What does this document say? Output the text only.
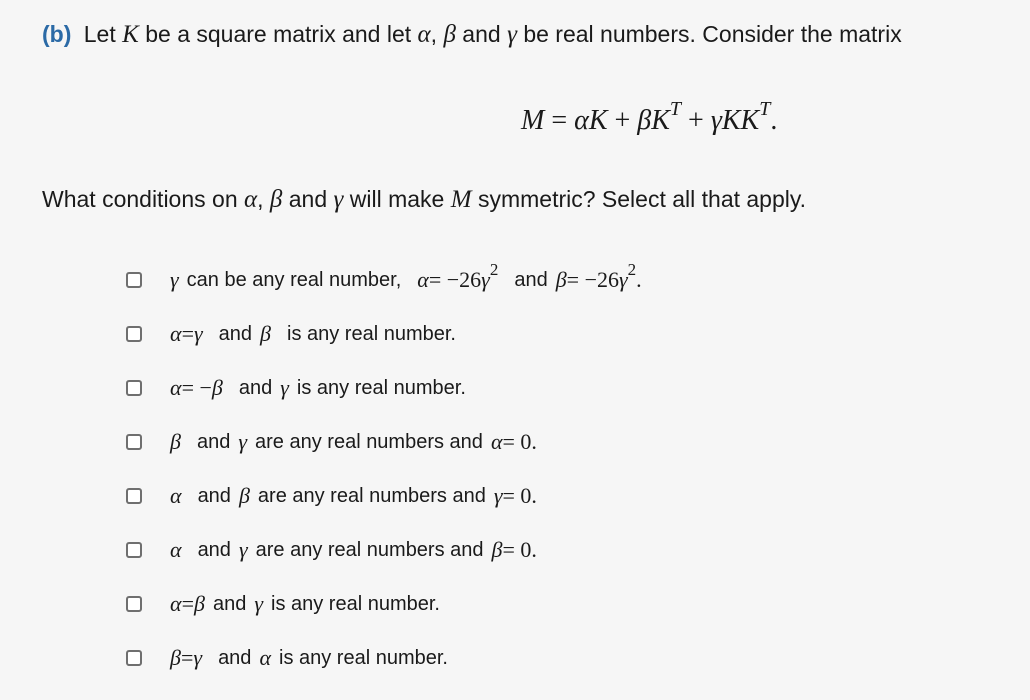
(b) Let K be a square matrix and let α, β and γ be real numbers. Consider the matrix
$M = \alpha K + \beta K^T + \gamma KK^T$.
What conditions on α, β and γ will make M symmetric? Select all that apply.
γ can be any real number, α = −26 γ 2 and β = −26 γ 2 .
α = γ and β is any real number.
α = − β and γ is any real number.
β and γ are any real numbers and α = 0.
α and β are any real numbers and γ = 0.
α and γ are any real numbers and β = 0.
α = β and γ is any real number.
β = γ and α is any real number.
